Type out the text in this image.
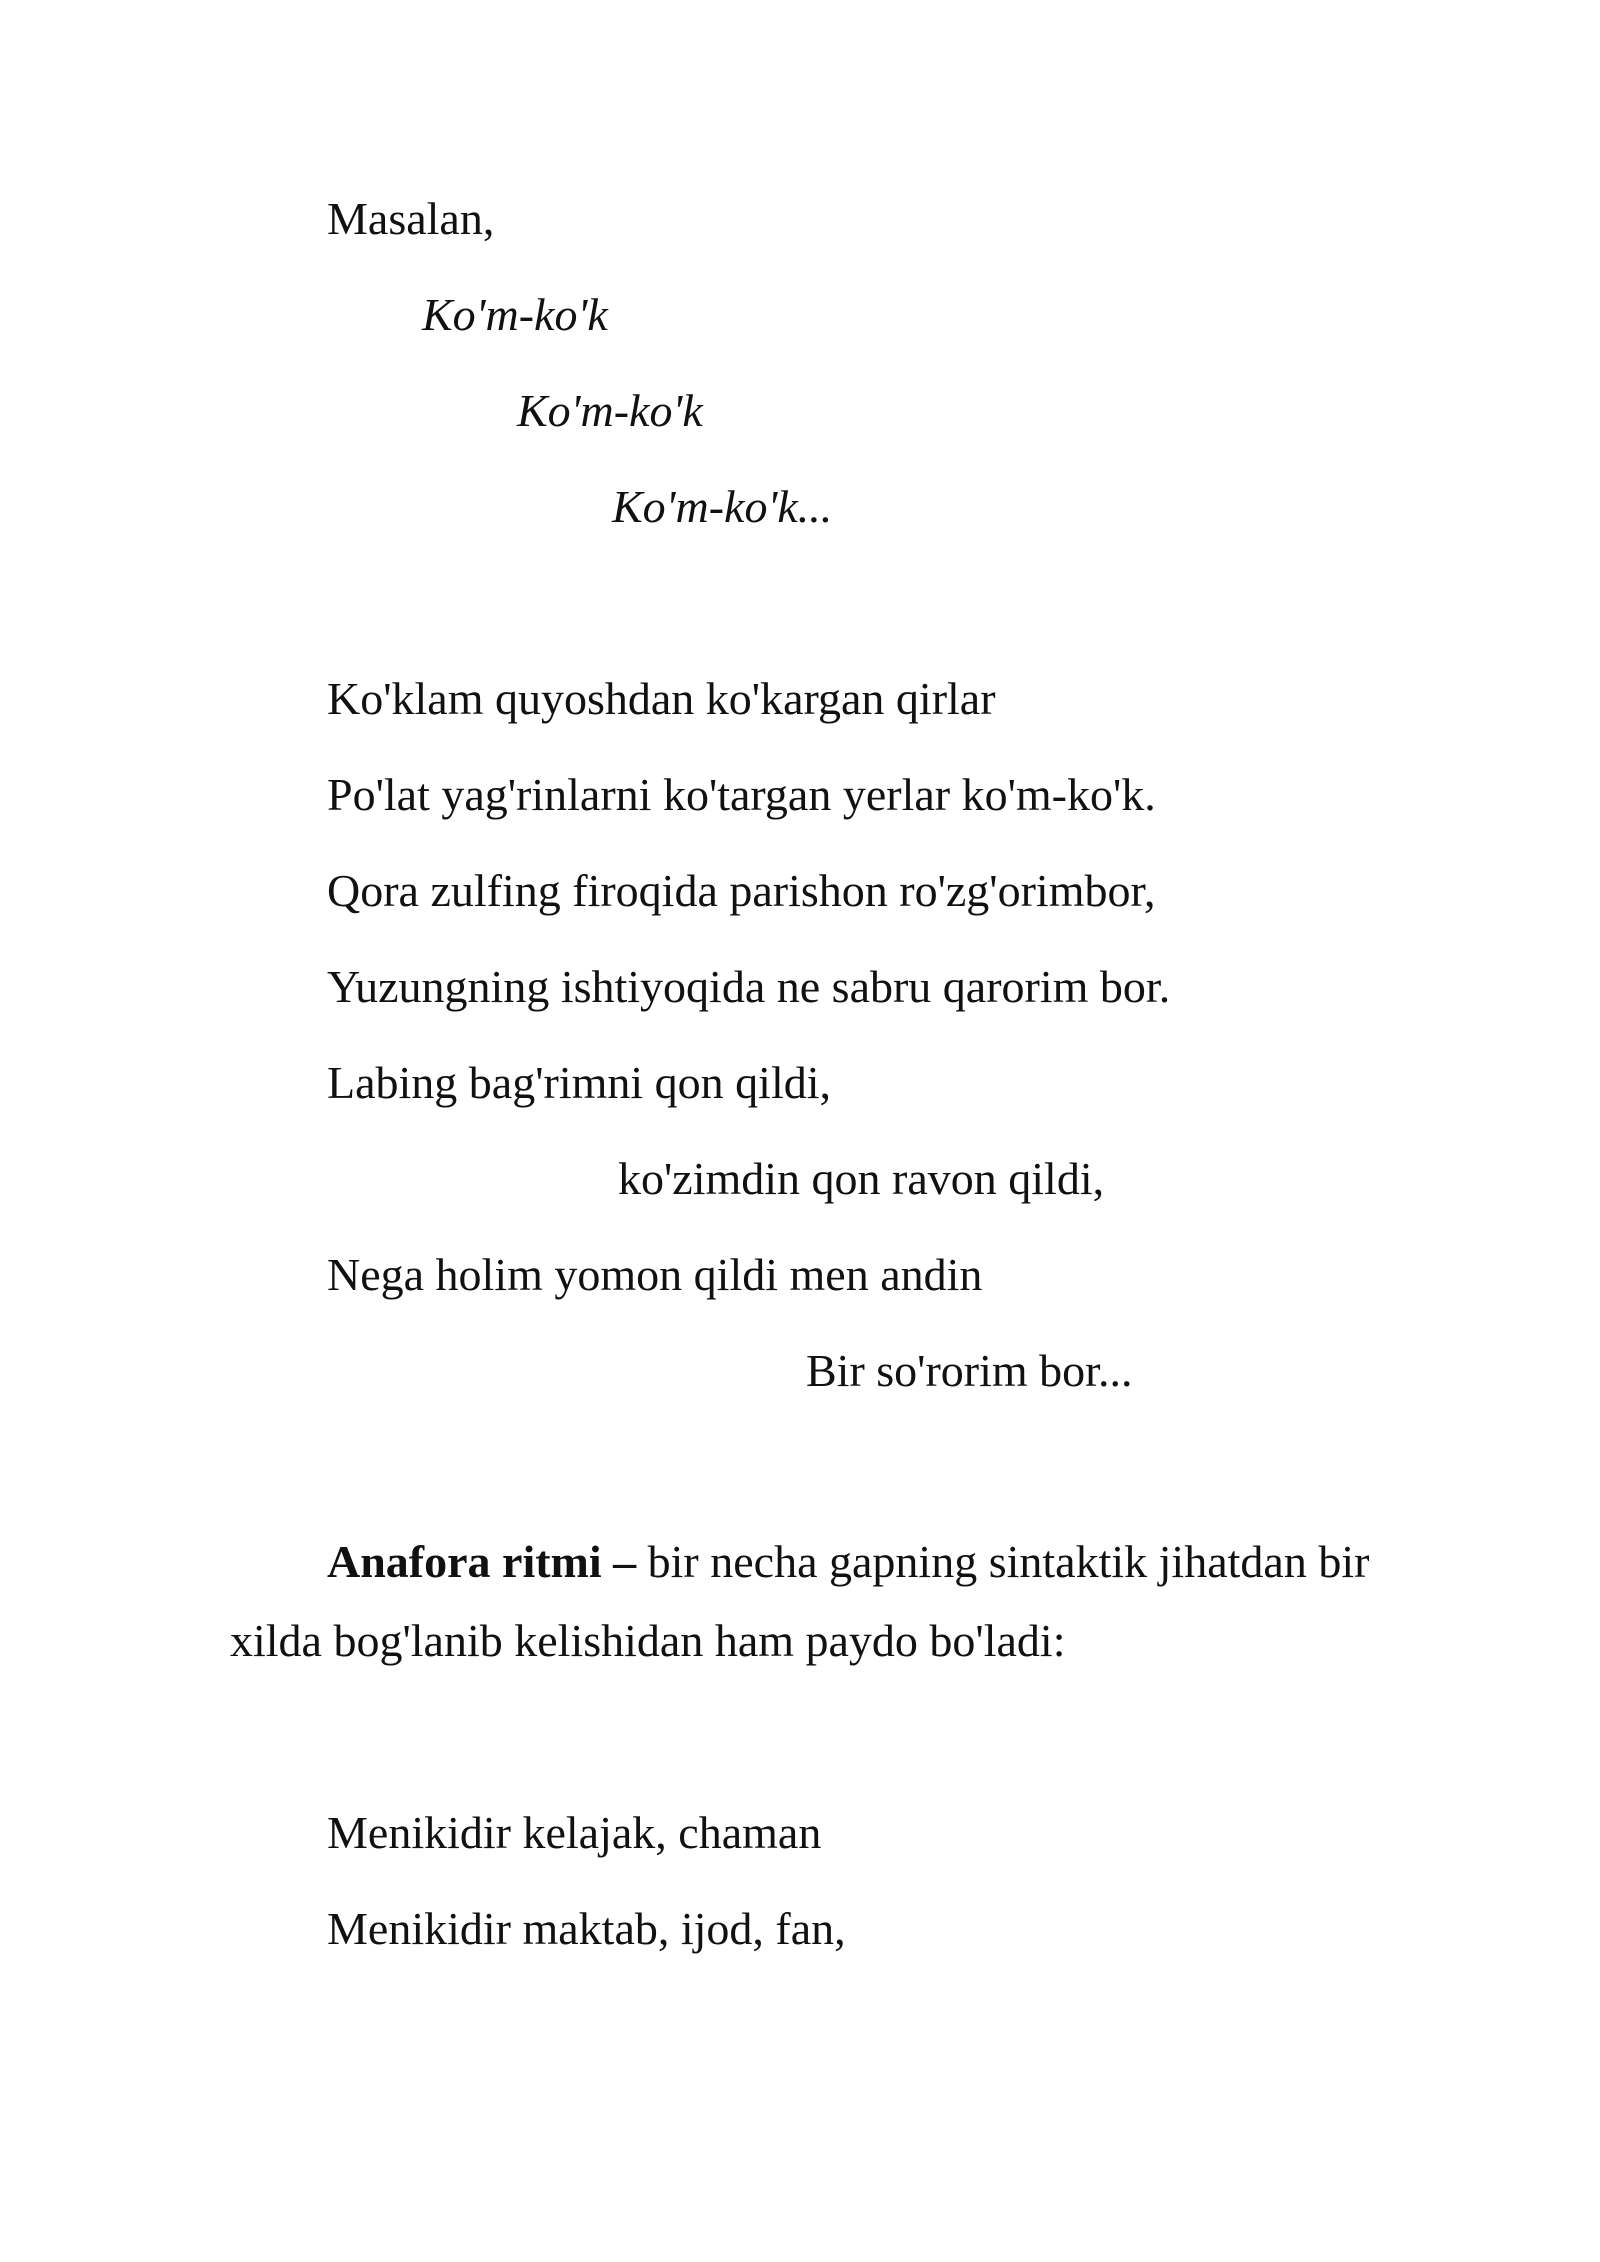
Masalan,

Ko'm-ko'k

Ko'm-ko'k

Ko'm-ko'k...

Ko'klam quyoshdan ko'kargan qirlar

Po'lat yag'rinlarni ko'targan yerlar ko'm-ko'k.

Qora zulfing firoqida parishon ro'zg'orimbor,

Yuzungning ishtiyoqida ne sabru qarorim bor.

Labing bag'rimni qon qildi,

ko'zimdin qon ravon qildi,

Nega holim yomon qildi men andin

Bir so'rorim bor...

Anafora ritmi – bir necha gapning sintaktik jihatdan bir

xilda bog'lanib kelishidan ham paydo bo'ladi:

Menikidir kelajak, chaman

Menikidir maktab, ijod, fan,
